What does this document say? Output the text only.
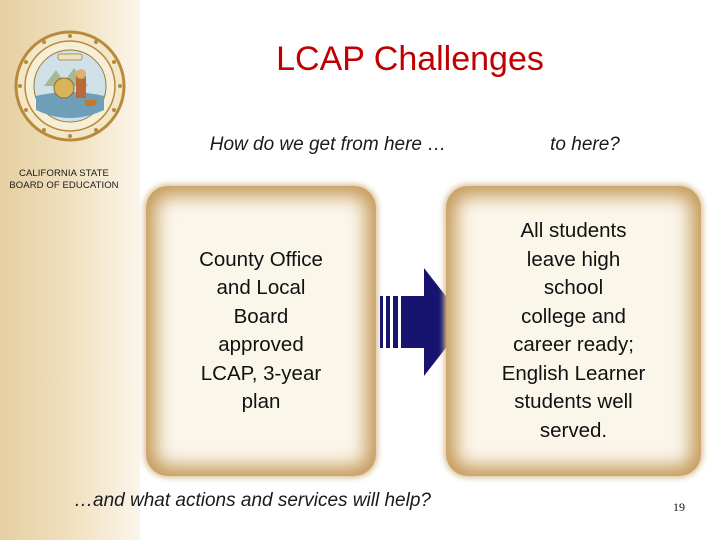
CALIFORNIA STATE
BOARD OF EDUCATION
LCAP Challenges
How do we get from here …	to here?
County Office
and Local
Board
approved
LCAP, 3-year
plan
All students
leave high
school
college and
career ready;
English Learner
students well
served.
…and what actions and services will help?	19
